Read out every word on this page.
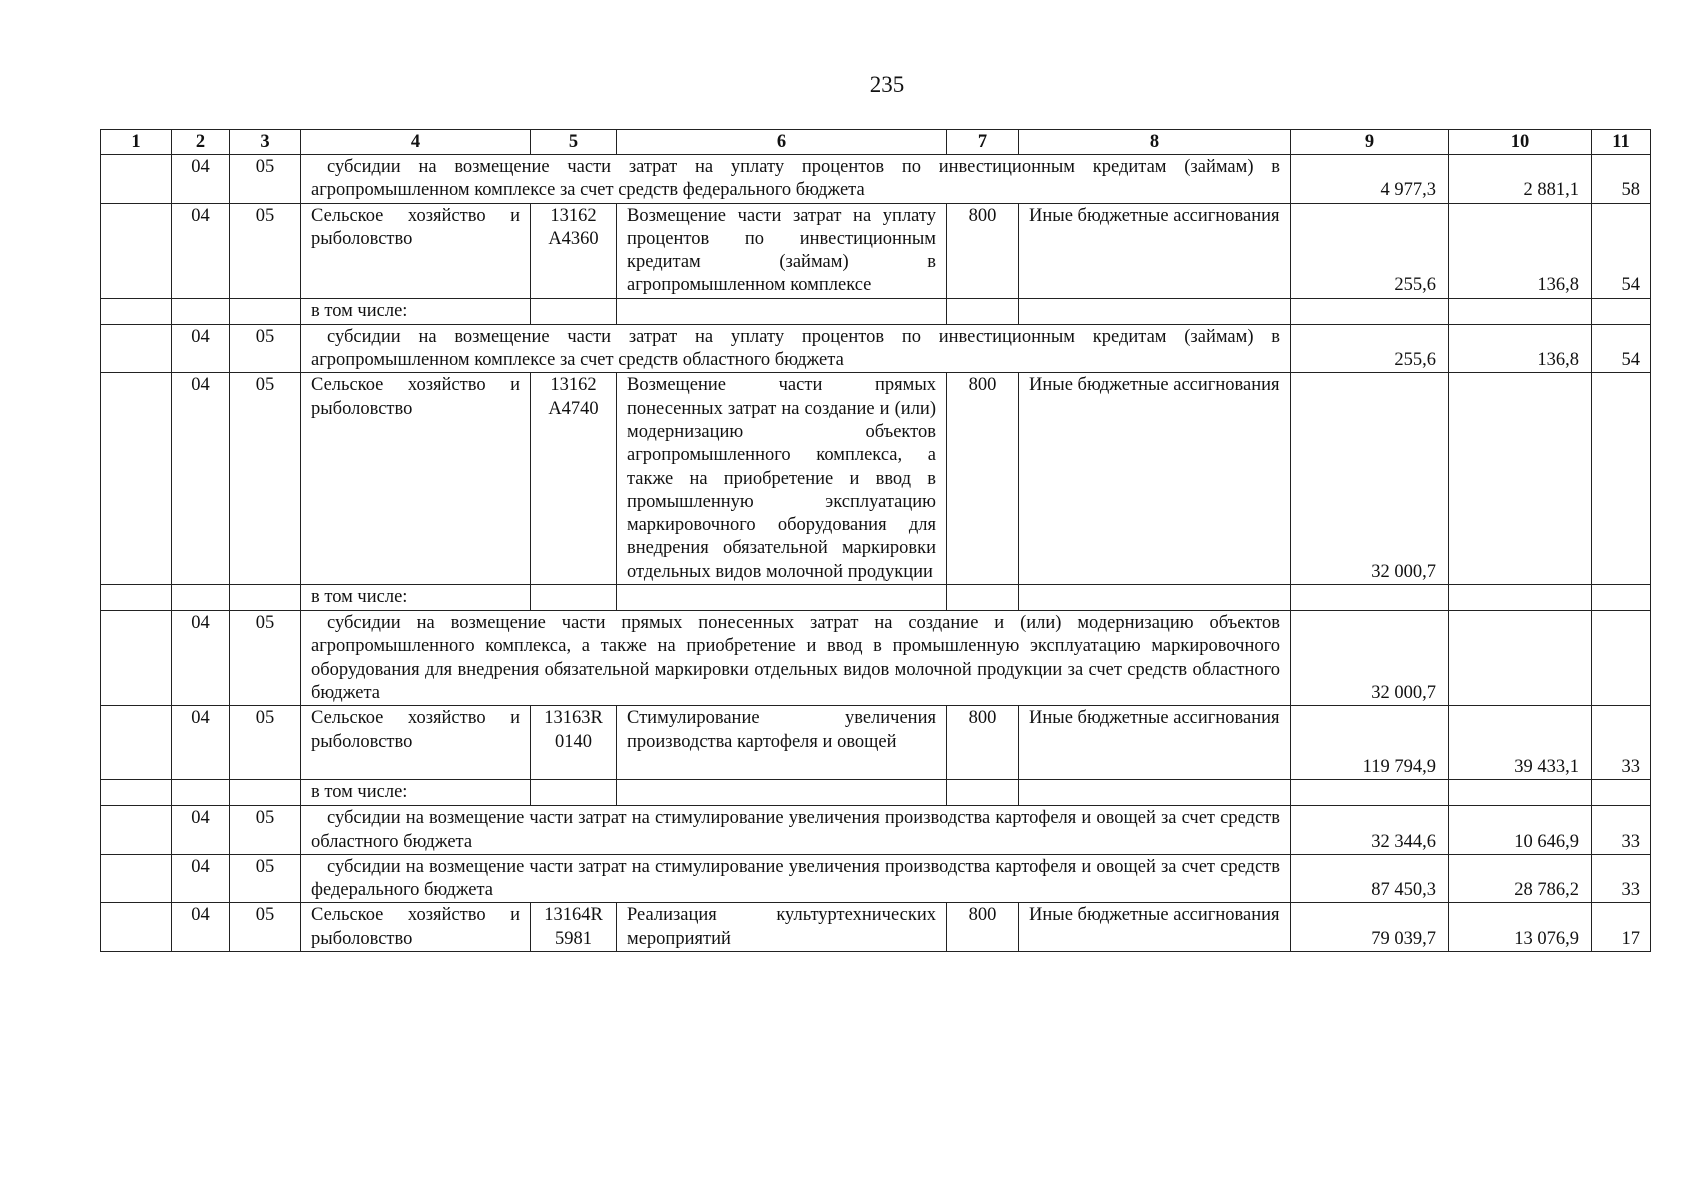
235
1	2	3	4	5	6	7	8	9	10	11
	04	05	субсидии на возмещение части затрат на уплату процентов по инвестиционным кредитам (займам) в агропромышленном комплексе за счет средств федерального бюджета					4 977,3	2 881,1	58
	04	05	Сельское хозяйство и рыболовство	13162 А4360	Возмещение части затрат на уплату процентов по инвестиционным кредитам (займам) в агропромышленном комплексе	800	Иные бюджетные ассигнования	255,6	136,8	54
			в том числе:							
	04	05	субсидии на возмещение части затрат на уплату процентов по инвестиционным кредитам (займам) в агропромышленном комплексе за счет средств областного бюджета					255,6	136,8	54
	04	05	Сельское хозяйство и рыболовство	13162 А4740	Возмещение части прямых понесенных затрат на создание и (или) модернизацию объектов агропромышленного комплекса, а также на приобретение и ввод в промышленную эксплуатацию маркировочного оборудования для внедрения обязательной маркировки отдельных видов молочной продукции	800	Иные бюджетные ассигнования	32 000,7		
			в том числе:							
	04	05	субсидии на возмещение части прямых понесенных затрат на создание и (или) модернизацию объектов агропромышленного комплекса, а также на приобретение и ввод в промышленную эксплуатацию маркировочного оборудования для внедрения обязательной маркировки отдельных видов молочной продукции за счет средств областного бюджета					32 000,7		
	04	05	Сельское хозяйство и рыболовство	13163R 0140	Стимулирование увеличения производства картофеля и овощей	800	Иные бюджетные ассигнования	119 794,9	39 433,1	33
			в том числе:							
	04	05	субсидии на возмещение части затрат на стимулирование увеличения производства картофеля и овощей за счет средств областного бюджета					32 344,6	10 646,9	33
	04	05	субсидии на возмещение части затрат на стимулирование увеличения производства картофеля и овощей за счет средств федерального бюджета					87 450,3	28 786,2	33
	04	05	Сельское хозяйство и рыболовство	13164R 5981	Реализация культуртехнических мероприятий	800	Иные бюджетные ассигнования	79 039,7	13 076,9	17
